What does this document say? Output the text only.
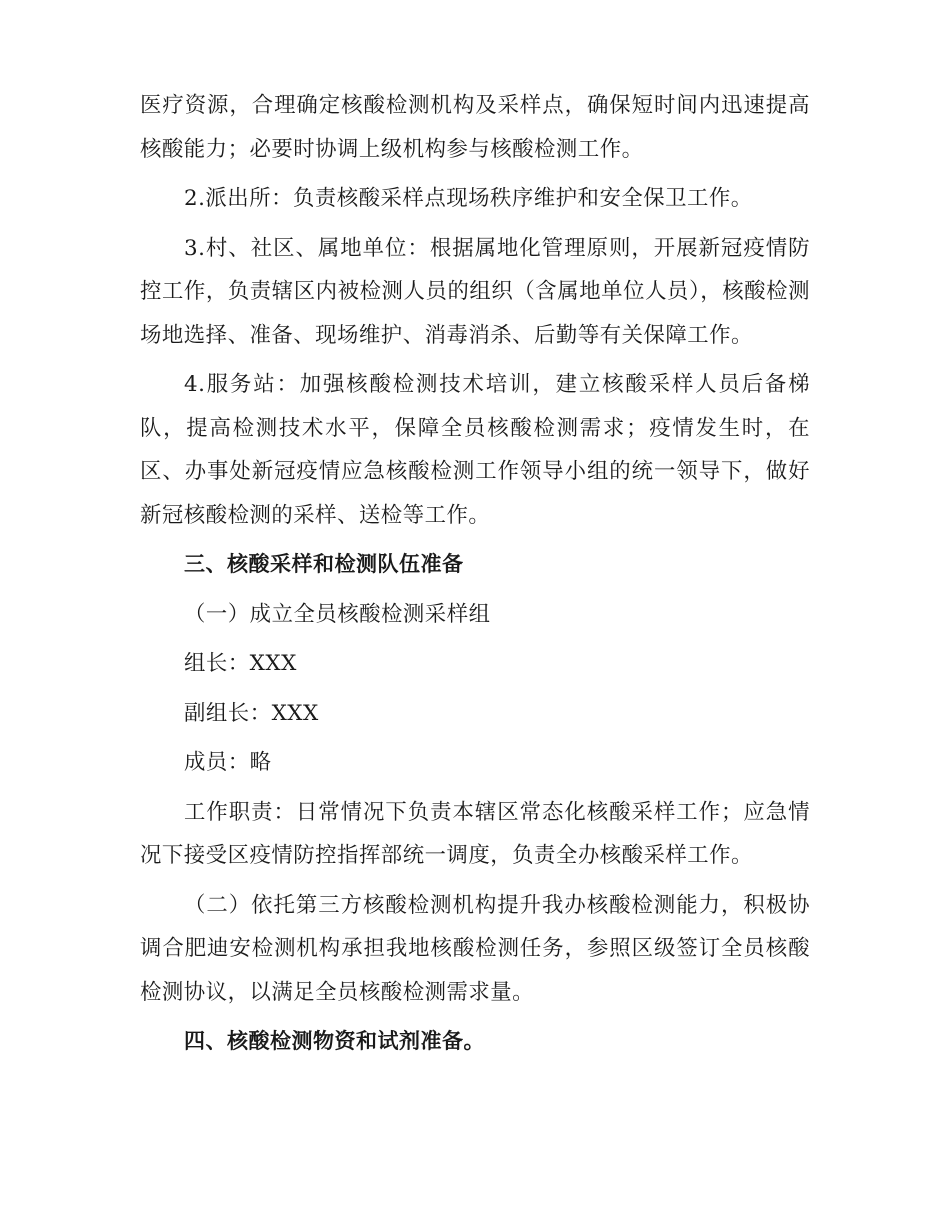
医疗资源，合理确定核酸检测机构及采样点，确保短时间内迅速提高核酸能力；必要时协调上级机构参与核酸检测工作。

2.派出所：负责核酸采样点现场秩序维护和安全保卫工作。

3.村、社区、属地单位：根据属地化管理原则，开展新冠疫情防控工作，负责辖区内被检测人员的组织（含属地单位人员），核酸检测场地选择、准备、现场维护、消毒消杀、后勤等有关保障工作。

4.服务站：加强核酸检测技术培训，建立核酸采样人员后备梯队，提高检测技术水平，保障全员核酸检测需求；疫情发生时，在区、办事处新冠疫情应急核酸检测工作领导小组的统一领导下，做好新冠核酸检测的采样、送检等工作。

三、核酸采样和检测队伍准备

（一）成立全员核酸检测采样组

组长：XXX

副组长：XXX

成员：略

工作职责：日常情况下负责本辖区常态化核酸采样工作；应急情况下接受区疫情防控指挥部统一调度，负责全办核酸采样工作。

（二）依托第三方核酸检测机构提升我办核酸检测能力，积极协调合肥迪安检测机构承担我地核酸检测任务，参照区级签订全员核酸检测协议，以满足全员核酸检测需求量。

四、核酸检测物资和试剂准备。
